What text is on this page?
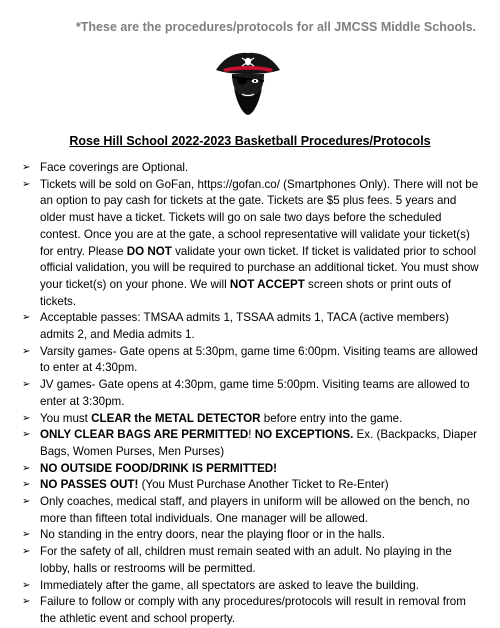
*These are the procedures/protocols for all JMCSS Middle Schools.
Rose Hill School 2022-2023 Basketball Procedures/Protocols
➢ Face coverings are Optional.
➢ Tickets will be sold on GoFan, https://gofan.co/ (Smartphones Only). There will not be an option to pay cash for tickets at the gate. Tickets are $5 plus fees. 5 years and older must have a ticket. Tickets will go on sale two days before the scheduled contest. Once you are at the gate, a school representative will validate your ticket(s) for entry. Please DO NOT validate your own ticket. If ticket is validated prior to school official validation, you will be required to purchase an additional ticket. You must show your ticket(s) on your phone. We will NOT ACCEPT screen shots or print outs of tickets.
➢ Acceptable passes: TMSAA admits 1, TSSAA admits 1, TACA (active members) admits 2, and Media admits 1.
➢ Varsity games- Gate opens at 5:30pm, game time 6:00pm. Visiting teams are allowed to enter at 4:30pm.
➢ JV games- Gate opens at 4:30pm, game time 5:00pm. Visiting teams are allowed to enter at 3:30pm.
➢ You must CLEAR the METAL DETECTOR before entry into the game.
➢ ONLY CLEAR BAGS ARE PERMITTED! NO EXCEPTIONS. Ex. (Backpacks, Diaper Bags, Women Purses, Men Purses)
➢ NO OUTSIDE FOOD/DRINK IS PERMITTED!
➢ NO PASSES OUT! (You Must Purchase Another Ticket to Re-Enter)
➢ Only coaches, medical staff, and players in uniform will be allowed on the bench, no more than fifteen total individuals. One manager will be allowed.
➢ No standing in the entry doors, near the playing floor or in the halls.
➢ For the safety of all, children must remain seated with an adult. No playing in the lobby, halls or restrooms will be permitted.
➢ Immediately after the game, all spectators are asked to leave the building.
➢ Failure to follow or comply with any procedures/protocols will result in removal from the athletic event and school property.
